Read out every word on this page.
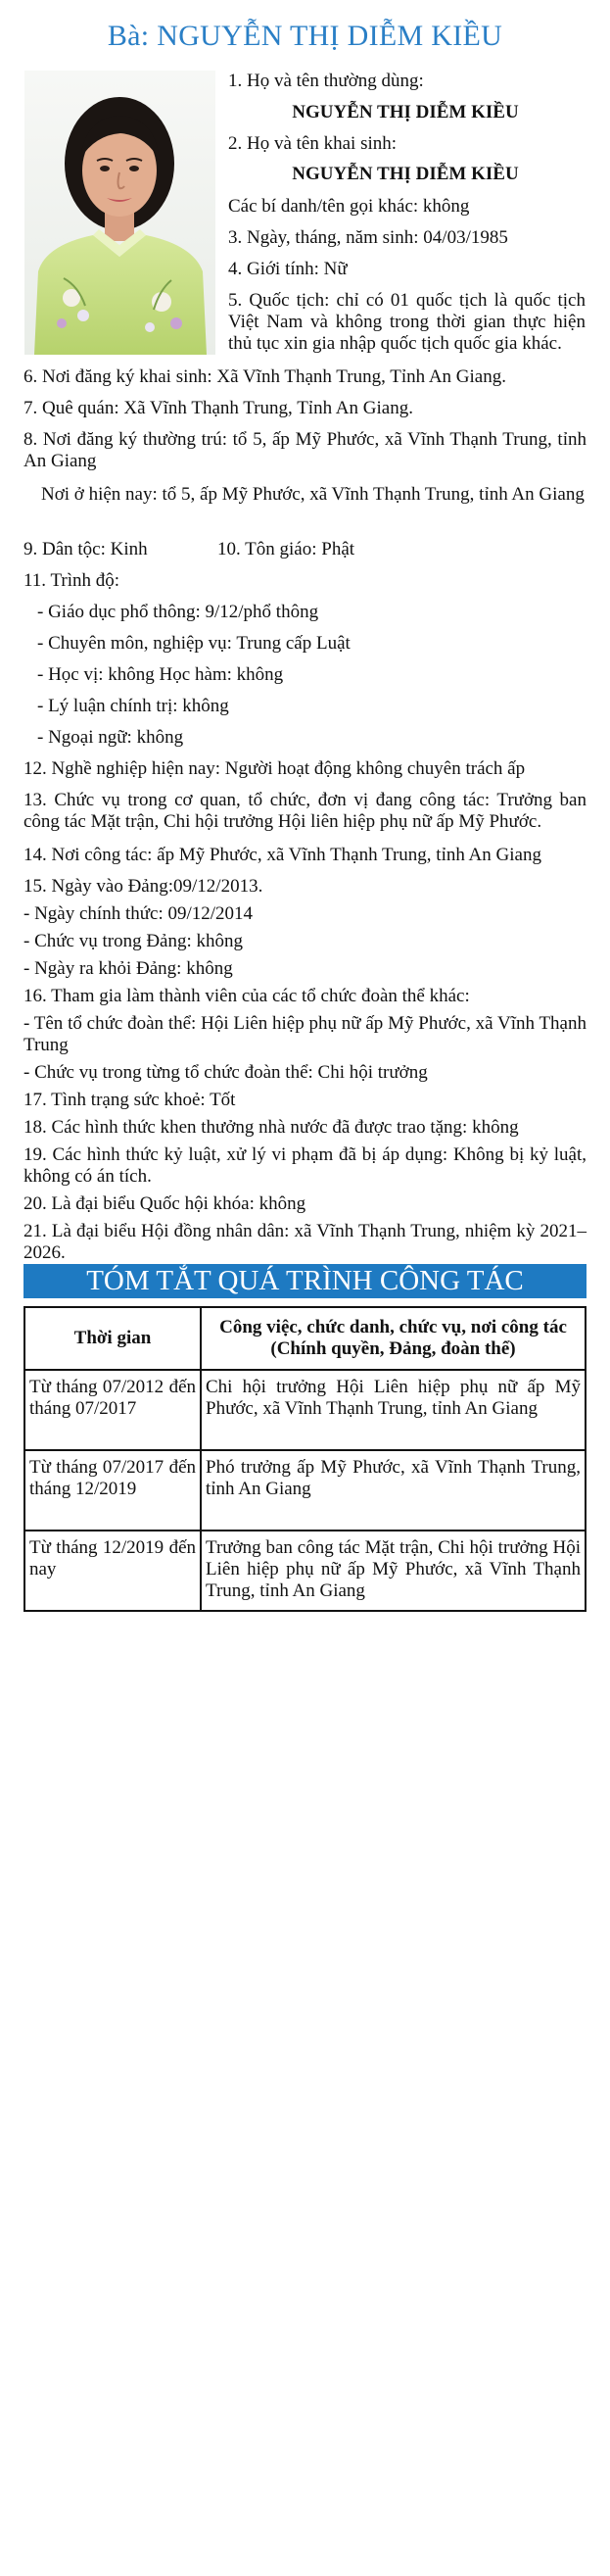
Bà: NGUYỄN THỊ DIỄM KIỀU
1. Họ và tên thường dùng:
NGUYỄN THỊ DIỄM KIỀU
2. Họ và tên khai sinh:
NGUYỄN THỊ DIỄM KIỀU
Các bí danh/tên gọi khác: không
3. Ngày, tháng, năm sinh: 04/03/1985
4. Giới tính: Nữ
5. Quốc tịch: chỉ có 01 quốc tịch là quốc tịch Việt Nam và không trong thời gian thực hiện thủ tục xin gia nhập quốc tịch quốc gia khác.
6. Nơi đăng ký khai sinh: Xã Vĩnh Thạnh Trung, Tỉnh An Giang.
7. Quê quán: Xã Vĩnh Thạnh Trung, Tỉnh An Giang.
8. Nơi đăng ký thường trú: tổ 5, ấp Mỹ Phước, xã Vĩnh Thạnh Trung, tỉnh An Giang
Nơi ở hiện nay: tổ 5, ấp Mỹ Phước, xã Vĩnh Thạnh Trung, tỉnh An Giang
9. Dân tộc: Kinh	10. Tôn giáo: Phật
11. Trình độ:
- Giáo dục phổ thông: 9/12/phổ thông
- Chuyên môn, nghiệp vụ: Trung cấp Luật
- Học vị: không Học hàm: không
- Lý luận chính trị: không
- Ngoại ngữ: không
12. Nghề nghiệp hiện nay: Người hoạt động không chuyên trách ấp
13. Chức vụ trong cơ quan, tổ chức, đơn vị đang công tác: Trưởng ban công tác Mặt trận, Chi hội trưởng Hội liên hiệp phụ nữ ấp Mỹ Phước.
14. Nơi công tác: ấp Mỹ Phước, xã Vĩnh Thạnh Trung, tỉnh An Giang
15. Ngày vào Đảng:09/12/2013.
- Ngày chính thức: 09/12/2014
- Chức vụ trong Đảng: không
- Ngày ra khỏi Đảng: không
16. Tham gia làm thành viên của các tổ chức đoàn thể khác:
- Tên tổ chức đoàn thể: Hội Liên hiệp phụ nữ ấp Mỹ Phước, xã Vĩnh Thạnh Trung
- Chức vụ trong từng tổ chức đoàn thể: Chi hội trưởng
17. Tình trạng sức khoẻ: Tốt
18. Các hình thức khen thưởng nhà nước đã được trao tặng: không
19. Các hình thức kỷ luật, xử lý vi phạm đã bị áp dụng: Không bị kỷ luật, không có án tích.
20. Là đại biểu Quốc hội khóa: không
21. Là đại biểu Hội đồng nhân dân: xã Vĩnh Thạnh Trung, nhiệm kỳ 2021–2026.
TÓM TẮT QUÁ TRÌNH CÔNG TÁC
Thời gian	Công việc, chức danh, chức vụ, nơi công tác (Chính quyền, Đảng, đoàn thể)
Từ tháng 07/2012 đến tháng 07/2017	Chi hội trưởng Hội Liên hiệp phụ nữ ấp Mỹ Phước, xã Vĩnh Thạnh Trung, tỉnh An Giang
Từ tháng 07/2017 đến tháng 12/2019	Phó trưởng ấp Mỹ Phước, xã Vĩnh Thạnh Trung, tỉnh An Giang
Từ tháng 12/2019 đến nay	Trưởng ban công tác Mặt trận, Chi hội trưởng Hội Liên hiệp phụ nữ ấp Mỹ Phước, xã Vĩnh Thạnh Trung, tỉnh An Giang
